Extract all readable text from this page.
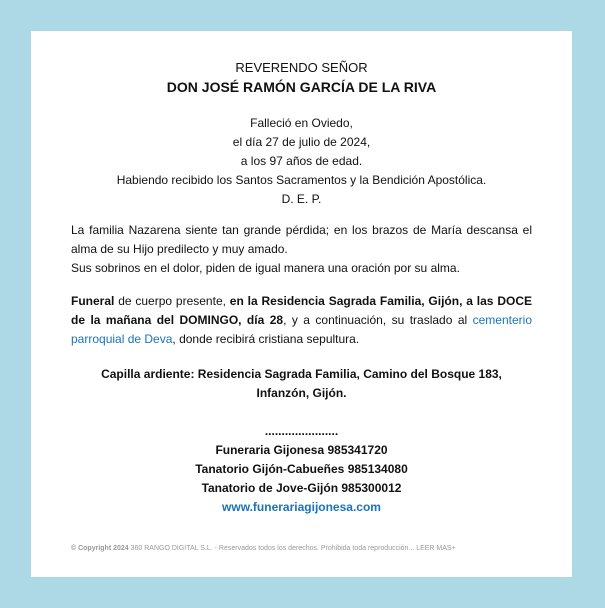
REVERENDO SEÑOR
DON JOSÉ RAMÓN GARCÍA DE LA RIVA

Falleció en Oviedo,

el día 27 de julio de 2024,

a los 97 años de edad.

Habiendo recibido los Santos Sacramentos y la Bendición Apostólica.

D. E. P.

La familia Nazarena siente tan grande pérdida; en los brazos de María descansa el alma de su Hijo predilecto y muy amado.

Sus sobrinos en el dolor, piden de igual manera una oración por su alma.

Funeral de cuerpo presente, en la Residencia Sagrada Familia, Gijón, a las DOCE de la mañana del DOMINGO, día 28, y a continuación, su traslado al cementerio parroquial de Deva, donde recibirá cristiana sepultura.

Capilla ardiente: Residencia Sagrada Familia, Camino del Bosque 183,
Infanzón, Gijón.
......................
Funeraria Gijonesa 985341720
Tanatorio Gijón-Cabueñes 985134080
Tanatorio de Jove-Gijón 985300012
www.funerariagijonesa.com
© Copyright 2024 360 RANGO DIGITAL S.L. - Reservados todos los derechos. Prohibida toda reproducción... LEER MAS+
